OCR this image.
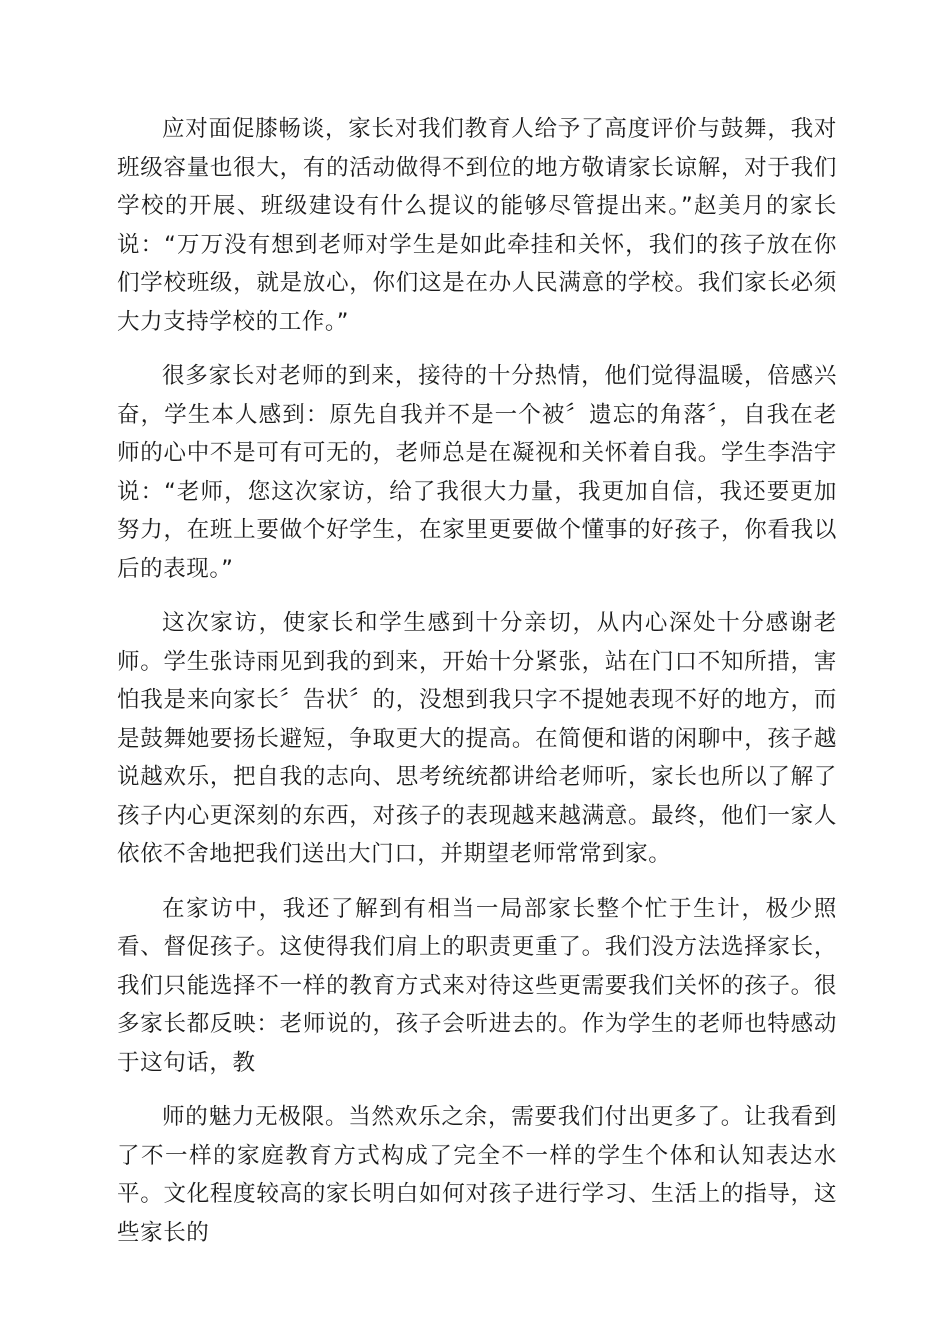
应对面促膝畅谈，家长对我们教育人给予了高度评价与鼓舞，我对班级容量也很大，有的活动做得不到位的地方敬请家长谅解，对于我们学校的开展、班级建设有什么提议的能够尽管提出来。”赵美月的家长说：“万万没有想到老师对学生是如此牵挂和关怀，我们的孩子放在你们学校班级，就是放心，你们这是在办人民满意的学校。我们家长必须大力支持学校的工作。”

很多家长对老师的到来，接待的十分热情，他们觉得温暖，倍感兴奋，学生本人感到：原先自我并不是一个被〞遗忘的角落〞，自我在老师的心中不是可有可无的，老师总是在凝视和关怀着自我。学生李浩宇说：“老师，您这次家访，给了我很大力量，我更加自信，我还要更加努力，在班上要做个好学生，在家里更要做个懂事的好孩子，你看我以后的表现。”

这次家访，使家长和学生感到十分亲切，从内心深处十分感谢老师。学生张诗雨见到我的到来，开始十分紧张，站在门口不知所措，害怕我是来向家长〞告状〞的，没想到我只字不提她表现不好的地方，而是鼓舞她要扬长避短，争取更大的提高。在简便和谐的闲聊中，孩子越说越欢乐，把自我的志向、思考统统都讲给老师听，家长也所以了解了孩子内心更深刻的东西，对孩子的表现越来越满意。最终，他们一家人依依不舍地把我们送出大门口，并期望老师常常到家。

在家访中，我还了解到有相当一局部家长整个忙于生计，极少照看、督促孩子。这使得我们肩上的职责更重了。我们没方法选择家长，我们只能选择不一样的教育方式来对待这些更需要我们关怀的孩子。很多家长都反映：老师说的，孩子会听进去的。作为学生的老师也特感动于这句话，教

师的魅力无极限。当然欢乐之余，需要我们付出更多了。让我看到了不一样的家庭教育方式构成了完全不一样的学生个体和认知表达水平。文化程度较高的家长明白如何对孩子进行学习、生活上的指导，这些家长的
